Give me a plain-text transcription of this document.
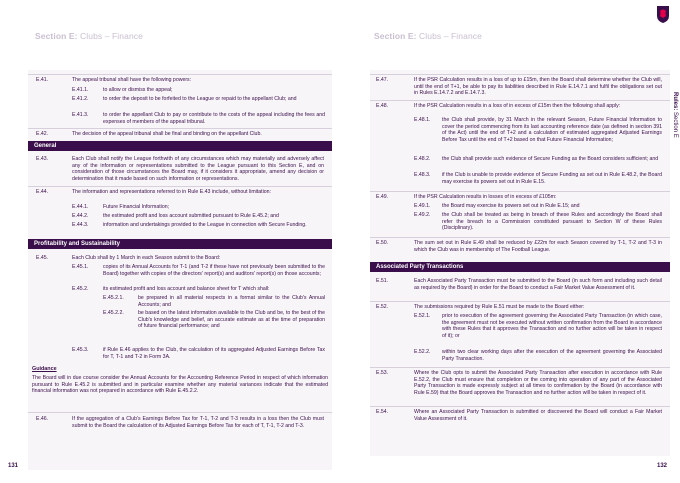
Section E: Clubs – Finance
E.41.	The appeal tribunal shall have the following powers:
E.41.1.	to allow or dismiss the appeal;
E.41.2.	to order the deposit to be forfeited to the League or repaid to the appellant Club; and
E.41.3.	to order the appellant Club to pay or contribute to the costs of the appeal including the fees and expenses of members of the appeal tribunal.
E.42.	The decision of the appeal tribunal shall be final and binding on the appellant Club.
General
E.43.	Each Club shall notify the League forthwith of any circumstances which may materially and adversely affect any of the information or representations submitted to the League pursuant to this Section E, and on consideration of those circumstances the Board may, if it considers it appropriate, amend any decision or determination that it made based on such information or representations.
E.44.	The information and representations referred to in Rule E.43 include, without limitation:
E.44.1.	Future Financial Information;
E.44.2.	the estimated profit and loss account submitted pursuant to Rule E.45.2; and
E.44.3.	information and undertakings provided to the League in connection with Secure Funding.
Profitability and Sustainability
E.45.	Each Club shall by 1 March in each Season submit to the Board:
E.45.1.	copies of its Annual Accounts for T-1 (and T-2 if these have not previously been submitted to the Board) together with copies of the directors' report(s) and auditors' report(s) on those accounts;
E.45.2.	its estimated profit and loss account and balance sheet for T which shall:
E.45.2.1.	be prepared in all material respects in a format similar to the Club's Annual Accounts; and
E.45.2.2.	be based on the latest information available to the Club and be, to the best of the Club's knowledge and belief, an accurate estimate as at the time of preparation of future financial performance; and
E.45.3.	if Rule E.46 applies to the Club, the calculation of its aggregated Adjusted Earnings Before Tax for T, T-1 and T-2 in Form 3A.
Guidance
The Board will in due course consider the Annual Accounts for the Accounting Reference Period in respect of which information pursuant to Rule E.45.2 is submitted and in particular examine whether any material variances indicate that the estimated financial information was not prepared in accordance with Rule E.45.2.2.
E.46.	If the aggregation of a Club's Earnings Before Tax for T-1, T-2 and T-3 results in a loss then the Club must submit to the Board the calculation of its Adjusted Earnings Before Tax for each of T, T-1, T-2 and T-3.
131
Section E: Clubs – Finance
Rules: Section E
E.47.	If the PSR Calculation results in a loss of up to £15m, then the Board shall determine whether the Club will, until the end of T+1, be able to pay its liabilities described in Rule E.14.7.1 and fulfil the obligations set out in Rules E.14.7.2 and E.14.7.3.
E.48.	If the PSR Calculation results in a loss of in excess of £15m then the following shall apply:
E.48.1. the Club shall provide, by 31 March in the relevant Season, Future Financial Information to cover the period commencing from its last accounting reference date (as defined in section 391 of the Act) until the end of T+2 and a calculation of estimated aggregated Adjusted Earnings Before Tax until the end of T+2 based on that Future Financial Information;
E.48.2. the Club shall provide such evidence of Secure Funding as the Board considers sufficient; and
E.48.3. if the Club is unable to provide evidence of Secure Funding as set out in Rule E.48.2, the Board may exercise its powers set out in Rule E.15.
E.49.	If the PSR Calculation results in losses of in excess of £105m:
E.49.1. the Board may exercise its powers set out in Rule E.15; and
E.49.2. the Club shall be treated as being in breach of these Rules and accordingly the Board shall refer the breach to a Commission constituted pursuant to Section W of these Rules (Disciplinary).
E.50.	The sum set out in Rule E.49 shall be reduced by £22m for each Season covered by T-1, T-2 and T-3 in which the Club was in membership of The Football League.
Associated Party Transactions
E.51.	Each Associated Party Transaction must be submitted to the Board (in such form and including such detail as required by the Board) in order for the Board to conduct a Fair Market Value Assessment of it.
E.52.	The submissions required by Rule E.51 must be made to the Board either:
E.52.1. prior to execution of the agreement governing the Associated Party Transaction (in which case, the agreement must not be executed without written confirmation from the Board in accordance with these Rules that it approves the Transaction and no further action will be taken in respect of it); or
E.52.2. within two clear working days after the execution of the agreement governing the Associated Party Transaction.
E.53.	Where the Club opts to submit the Associated Party Transaction after execution in accordance with Rule E.52.2, the Club must ensure that completion or the coming into operation of any part of the Associated Party Transaction is made expressly subject at all times to confirmation by the Board (in accordance with Rule E.59) that the Board approves the Transaction and no further action will be taken in respect of it.
E.54.	Where an Associated Party Transaction is submitted or discovered the Board will conduct a Fair Market Value Assessment of it.
132
